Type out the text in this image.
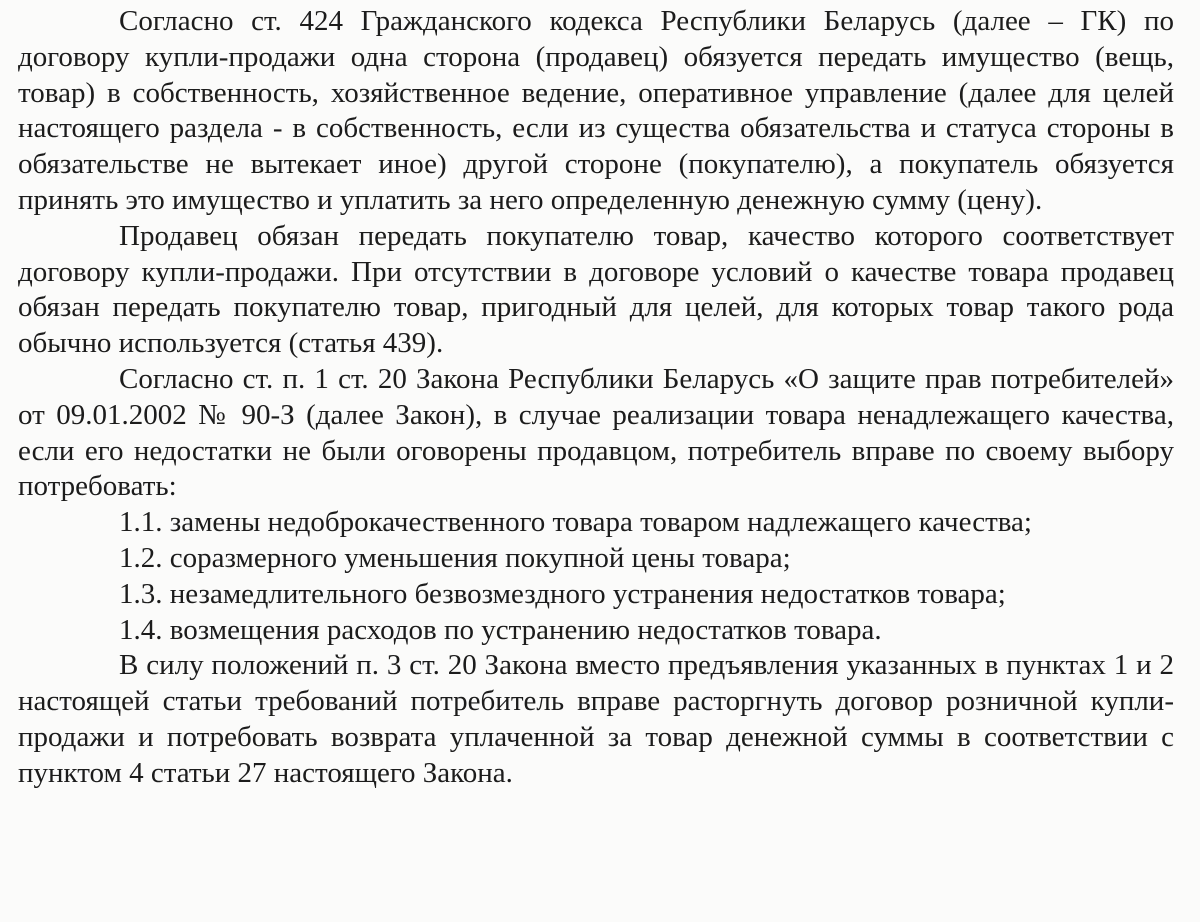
Согласно ст. 424 Гражданского кодекса Республики Беларусь (далее – ГК) по договору купли-продажи одна сторона (продавец) обязуется передать имущество (вещь, товар) в собственность, хозяйственное ведение, оперативное управление (далее для целей настоящего раздела - в собственность, если из существа обязательства и статуса стороны в обязательстве не вытекает иное) другой стороне (покупателю), а покупатель обязуется принять это имущество и уплатить за него определенную денежную сумму (цену).

Продавец обязан передать покупателю товар, качество которого соответствует договору купли-продажи. При отсутствии в договоре условий о качестве товара продавец обязан передать покупателю товар, пригодный для целей, для которых товар такого рода обычно используется (статья 439).

Согласно ст. п. 1 ст. 20 Закона Республики Беларусь «О защите прав потребителей» от 09.01.2002 № 90-З (далее Закон), в случае реализации товара ненадлежащего качества, если его недостатки не были оговорены продавцом, потребитель вправе по своему выбору потребовать:

1.1. замены недоброкачественного товара товаром надлежащего качества;

1.2. соразмерного уменьшения покупной цены товара;

1.3. незамедлительного безвозмездного устранения недостатков товара;

1.4. возмещения расходов по устранению недостатков товара.

В силу положений п. 3 ст. 20 Закона вместо предъявления указанных в пунктах 1 и 2 настоящей статьи требований потребитель вправе расторгнуть договор розничной купли-продажи и потребовать возврата уплаченной за товар денежной суммы в соответствии с пунктом 4 статьи 27 настоящего Закона.
